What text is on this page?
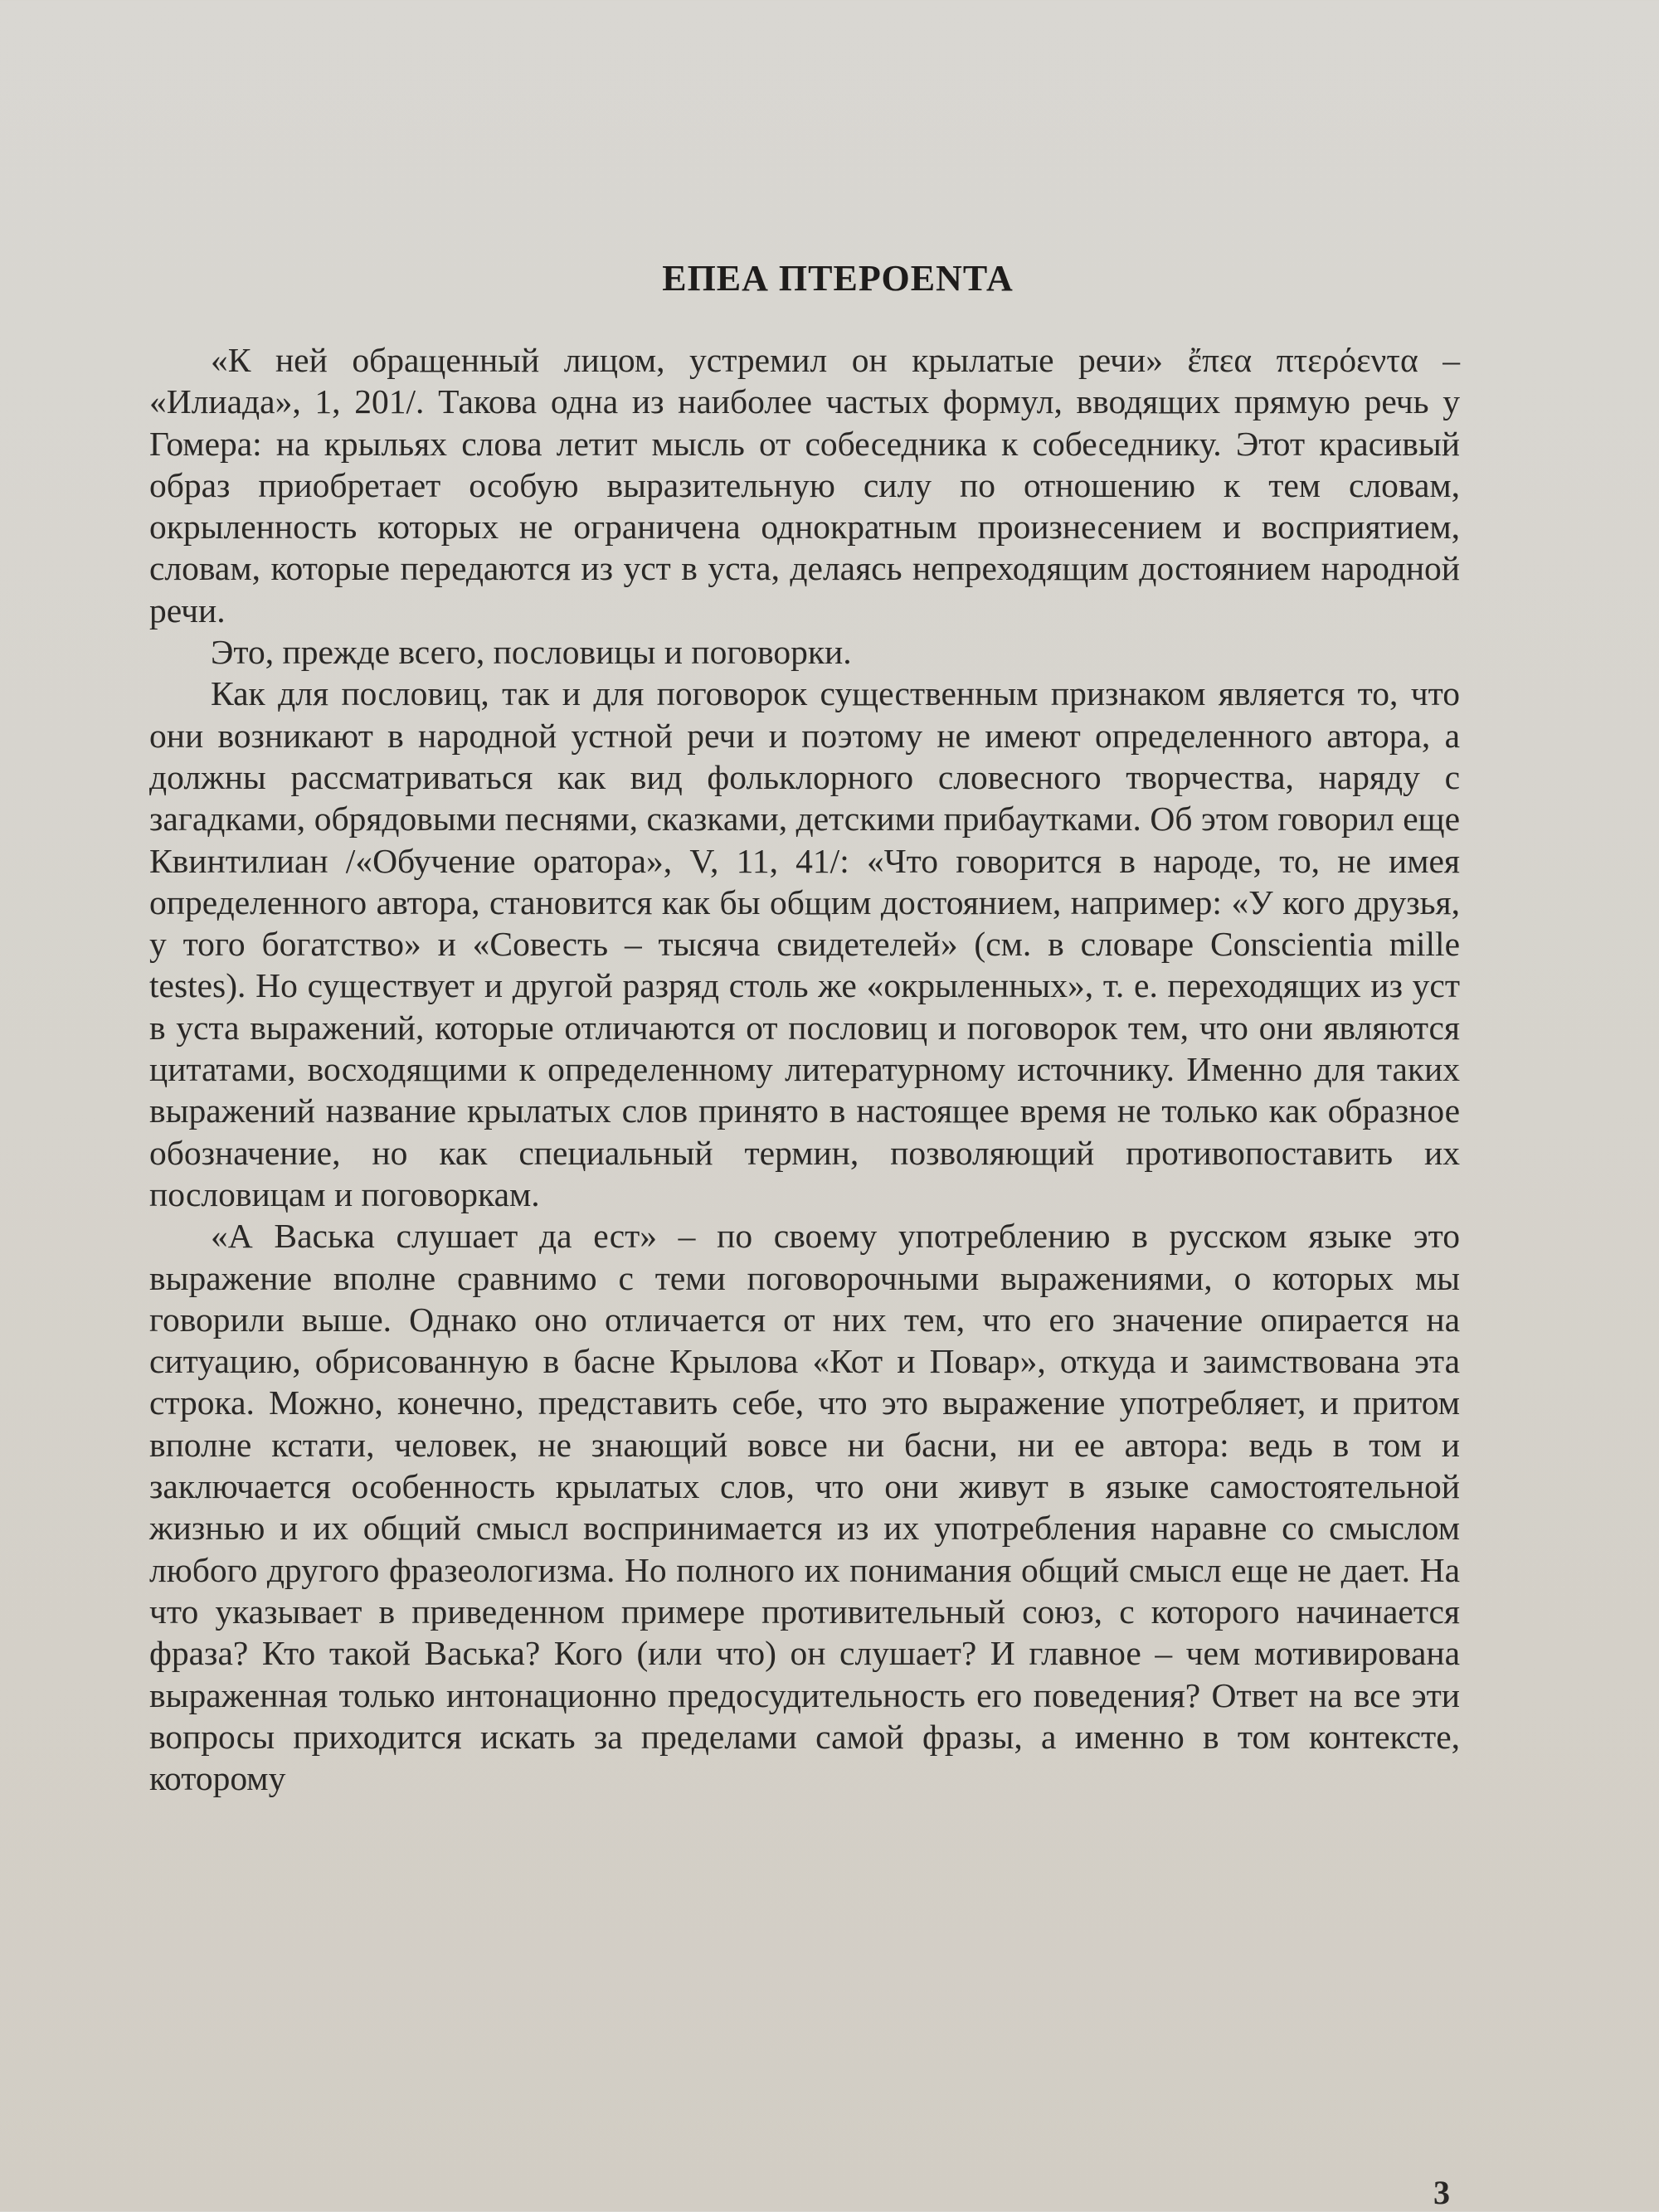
ЕПЕА ПТЕРОЕNТА

«К ней обращенный лицом, устремил он крылатые речи» ἔπεα πτερόεντα – «Илиада», 1, 201/. Такова одна из наиболее частых формул, вводящих прямую речь у Гомера: на крыльях слова летит мысль от собеседника к собеседнику. Этот красивый образ приобретает особую выразительную силу по отношению к тем словам, окрыленность которых не ограничена однократным произнесением и восприятием, словам, которые передаются из уст в уста, делаясь непреходящим достоянием народной речи.

Это, прежде всего, пословицы и поговорки.

Как для пословиц, так и для поговорок существенным признаком является то, что они возникают в народной устной речи и поэтому не имеют определенного автора, а должны рассматриваться как вид фольклорного словесного творчества, наряду с загадками, обрядовыми песнями, сказками, детскими прибаутками. Об этом говорил еще Квинтилиан /«Обучение оратора», V, 11, 41/: «Что говорится в народе, то, не имея определенного автора, становится как бы общим достоянием, например: «У кого друзья, у того богатство» и «Совесть – тысяча свидетелей» (см. в словаре Conscientia mille testes). Но существует и другой разряд столь же «окрыленных», т. е. переходящих из уст в уста выражений, которые отличаются от пословиц и поговорок тем, что они являются цитатами, восходящими к определенному литературному источнику. Именно для таких выражений название крылатых слов принято в настоящее время не только как образное обозначение, но как специальный термин, позволяющий противопоставить их пословицам и поговоркам.

«А Васька слушает да ест» – по своему употреблению в русском языке это выражение вполне сравнимо с теми поговорочными выражениями, о которых мы говорили выше. Однако оно отличается от них тем, что его значение опирается на ситуацию, обрисованную в басне Крылова «Кот и Повар», откуда и заимствована эта строка. Можно, конечно, представить себе, что это выражение употребляет, и притом вполне кстати, человек, не знающий вовсе ни басни, ни ее автора: ведь в том и заключается особенность крылатых слов, что они живут в языке самостоятельной жизнью и их общий смысл воспринимается из их употребления наравне со смыслом любого другого фразеологизма. Но полного их понимания общий смысл еще не дает. На что указывает в приведенном примере противительный союз, с которого начинается фраза? Кто такой Васька? Кого (или что) он слушает? И главное – чем мотивирована выраженная только интонационно предосудительность его поведения? Ответ на все эти вопросы приходится искать за пределами самой фразы, а именно в том контексте, которому

3
